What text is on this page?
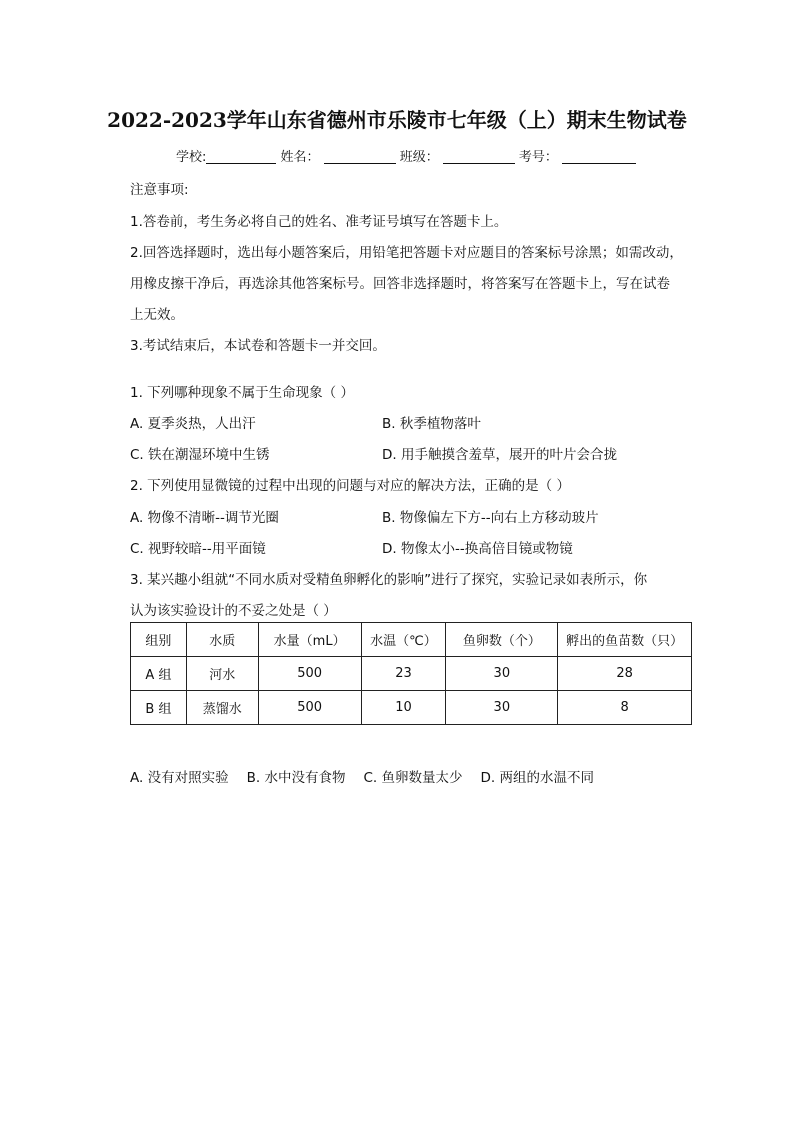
2022-2023学年山东省德州市乐陵市七年级（上）期末生物试卷
学校:	姓名：	班级：	考号：
注意事项:
1.答卷前，考生务必将自己的姓名、准考证号填写在答题卡上。
2.回答选择题时，选出每小题答案后，用铅笔把答题卡对应题目的答案标号涂黑；如需改动，
用橡皮擦干净后，再选涂其他答案标号。回答非选择题时，将答案写在答题卡上，写在试卷
上无效。
3.考试结束后，本试卷和答题卡一并交回。
1. 下列哪种现象不属于生命现象（ ）
A. 夏季炎热，人出汗	B. 秋季植物落叶
C. 铁在潮湿环境中生锈	D. 用手触摸含羞草，展开的叶片会合拢
2. 下列使用显微镜的过程中出现的问题与对应的解决方法，正确的是（ ）
A. 物像不清晰--调节光圈	B. 物像偏左下方--向右上方移动玻片
C. 视野较暗--用平面镜	D. 物像太小--换高倍目镜或物镜
3. 某兴趣小组就“不同水质对受精鱼卵孵化的影响”进行了探究，实验记录如表所示，你
认为该实验设计的不妥之处是（ ）
组别	水质	水量（mL）	水温（℃）	鱼卵数（个）	孵出的鱼苗数（只）
A 组	河水	500	23	30	28
B 组	蒸馏水	500	10	30	8
A. 没有对照实验 B. 水中没有食物 C. 鱼卵数量太少 D. 两组的水温不同
